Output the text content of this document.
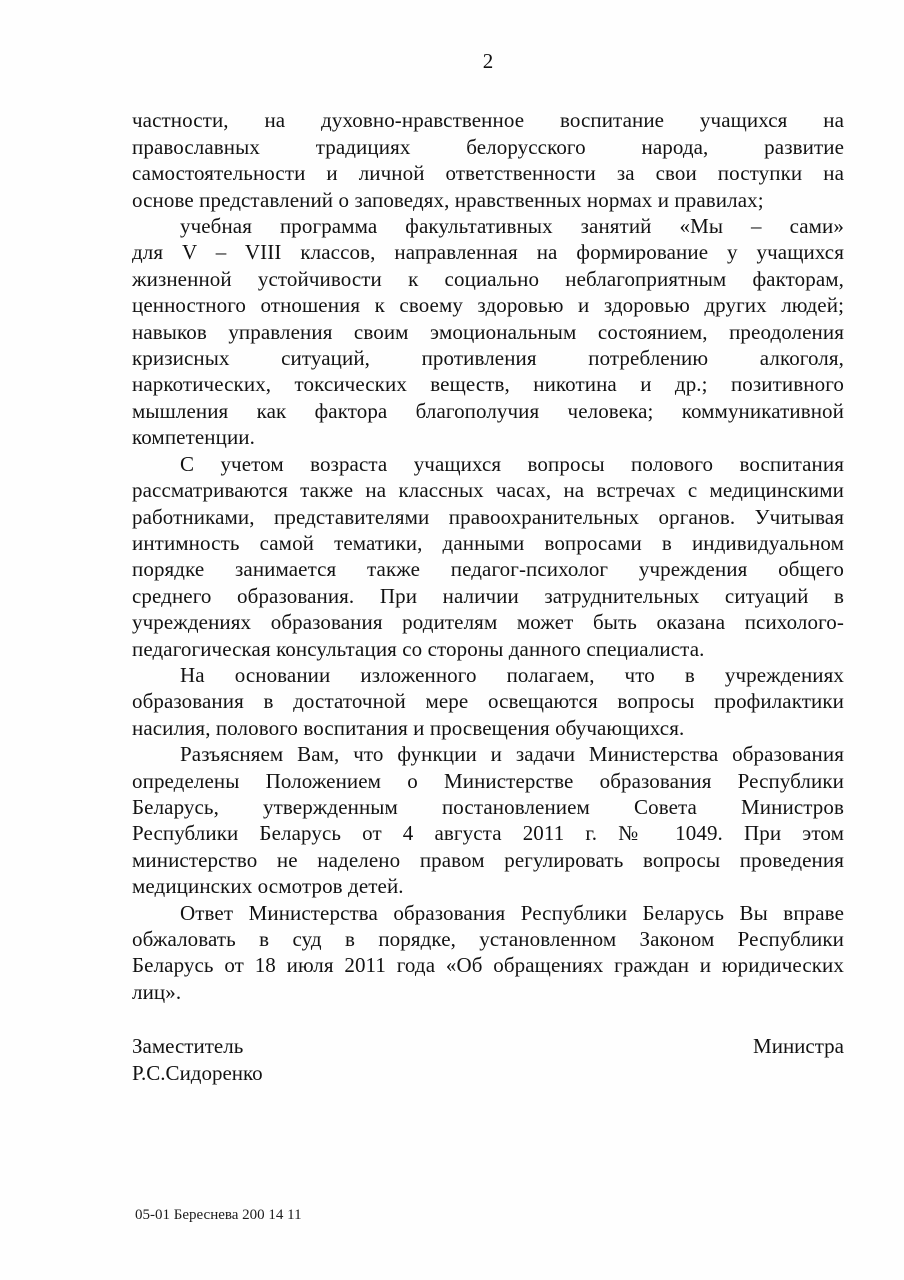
2
частности, на духовно-нравственное воспитание учащихся на
православных традициях белорусского народа, развитие
самостоятельности и личной ответственности за свои поступки на
основе представлений о заповедях, нравственных нормах и правилах;
учебная программа факультативных занятий «Мы – сами»
для V – VIII классов, направленная на формирование у учащихся
жизненной устойчивости к социально неблагоприятным факторам,
ценностного отношения к своему здоровью и здоровью других людей;
навыков управления своим эмоциональным состоянием, преодоления
кризисных ситуаций, противления потреблению алкоголя,
наркотических, токсических веществ, никотина и др.; позитивного
мышления как фактора благополучия человека; коммуникативной
компетенции.
С учетом возраста учащихся вопросы полового воспитания
рассматриваются также на классных часах, на встречах с медицинскими
работниками, представителями правоохранительных органов. Учитывая
интимность самой тематики, данными вопросами в индивидуальном
порядке занимается также педагог-психолог учреждения общего
среднего образования. При наличии затруднительных ситуаций в
учреждениях образования родителям может быть оказана психолого-
педагогическая консультация со стороны данного специалиста.
На основании изложенного полагаем, что в учреждениях
образования в достаточной мере освещаются вопросы профилактики
насилия, полового воспитания и просвещения обучающихся.
Разъясняем Вам, что функции и задачи Министерства образования
определены Положением о Министерстве образования Республики
Беларусь, утвержденным постановлением Совета Министров
Республики Беларусь от 4 августа 2011 г. № 1049. При этом
министерство не наделено правом регулировать вопросы проведения
медицинских осмотров детей.
Ответ Министерства образования Республики Беларусь Вы вправе
обжаловать в суд в порядке, установленном Законом Республики
Беларусь от 18 июля 2011 года «Об обращениях граждан и юридических
лиц».
Заместитель	Министра
Р.С.Сидоренко
05-01 Береснева 200 14 11
